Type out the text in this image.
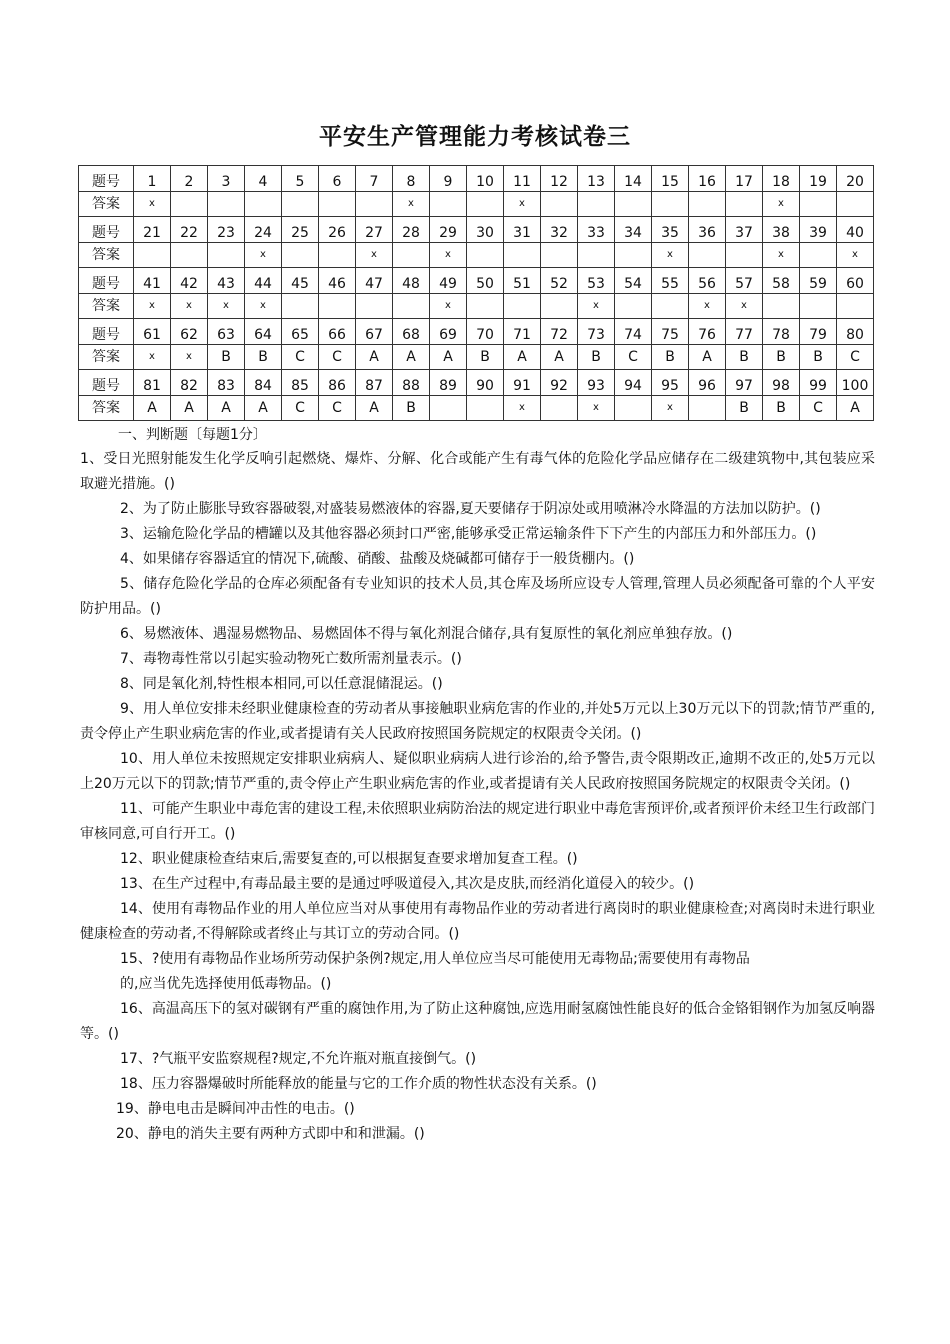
平安生产管理能力考核试卷三
题号	1	2	3	4	5	6	7	8	9	10	11	12	13	14	15	16	17	18	19	20
答案	x							x			x							x		
题号	21	22	23	24	25	26	27	28	29	30	31	32	33	34	35	36	37	38	39	40
答案				x			x		x						x			x		x
题号	41	42	43	44	45	46	47	48	49	50	51	52	53	54	55	56	57	58	59	60
答案	x	x	x	x					x				x			x	x			
题号	61	62	63	64	65	66	67	68	69	70	71	72	73	74	75	76	77	78	79	80
答案	x	x	B	B	C	C	A	A	A	B	A	A	B	C	B	A	B	B	B	C
题号	81	82	83	84	85	86	87	88	89	90	91	92	93	94	95	96	97	98	99	100
答案	A	A	A	A	C	C	A	B			x		x		x		B	B	C	A
一、判断题〔每题1分〕

1、受日光照射能发生化学反响引起燃烧、爆炸、分解、化合或能产生有毒气体的危险化学品应储存在二级建筑物中,其包装应采取避光措施。()

2、为了防止膨胀导致容器破裂,对盛装易燃液体的容器,夏天要储存于阴凉处或用喷淋冷水降温的方法加以防护。()

3、运输危险化学品的槽罐以及其他容器必须封口严密,能够承受正常运输条件下下产生的内部压力和外部压力。()

4、如果储存容器适宜的情况下,硫酸、硝酸、盐酸及烧碱都可储存于一般货棚内。()

5、储存危险化学品的仓库必须配备有专业知识的技术人员,其仓库及场所应设专人管理,管理人员必须配备可靠的个人平安防护用品。()

6、易燃液体、遇湿易燃物品、易燃固体不得与氧化剂混合储存,具有复原性的氧化剂应单独存放。()

7、毒物毒性常以引起实验动物死亡数所需剂量表示。()

8、同是氧化剂,特性根本相同,可以任意混储混运。()

9、用人单位安排未经职业健康检查的劳动者从事接触职业病危害的作业的,并处5万元以上30万元以下的罚款;情节严重的,责令停止产生职业病危害的作业,或者提请有关人民政府按照国务院规定的权限责令关闭。()

10、用人单位未按照规定安排职业病病人、疑似职业病病人进行诊治的,给予警告,责令限期改正,逾期不改正的,处5万元以上20万元以下的罚款;情节严重的,责令停止产生职业病危害的作业,或者提请有关人民政府按照国务院规定的权限责令关闭。()

11、可能产生职业中毒危害的建设工程,未依照职业病防治法的规定进行职业中毒危害预评价,或者预评价未经卫生行政部门审核同意,可自行开工。()

12、职业健康检查结束后,需要复查的,可以根据复查要求增加复查工程。()

13、在生产过程中,有毒品最主要的是通过呼吸道侵入,其次是皮肤,而经消化道侵入的较少。()

14、使用有毒物品作业的用人单位应当对从事使用有毒物品作业的劳动者进行离岗时的职业健康检查;对离岗时未进行职业健康检查的劳动者,不得解除或者终止与其订立的劳动合同。()

15、?使用有毒物品作业场所劳动保护条例?规定,用人单位应当尽可能使用无毒物品;需要使用有毒物品

的,应当优先选择使用低毒物品。()

16、高温高压下的氢对碳钢有严重的腐蚀作用,为了防止这种腐蚀,应选用耐氢腐蚀性能良好的低合金铬钼钢作为加氢反响器等。()

17、?气瓶平安监察规程?规定,不允许瓶对瓶直接倒气。()

18、压力容器爆破时所能释放的能量与它的工作介质的物性状态没有关系。()

19、静电电击是瞬间冲击性的电击。()

20、静电的消失主要有两种方式即中和和泄漏。()
